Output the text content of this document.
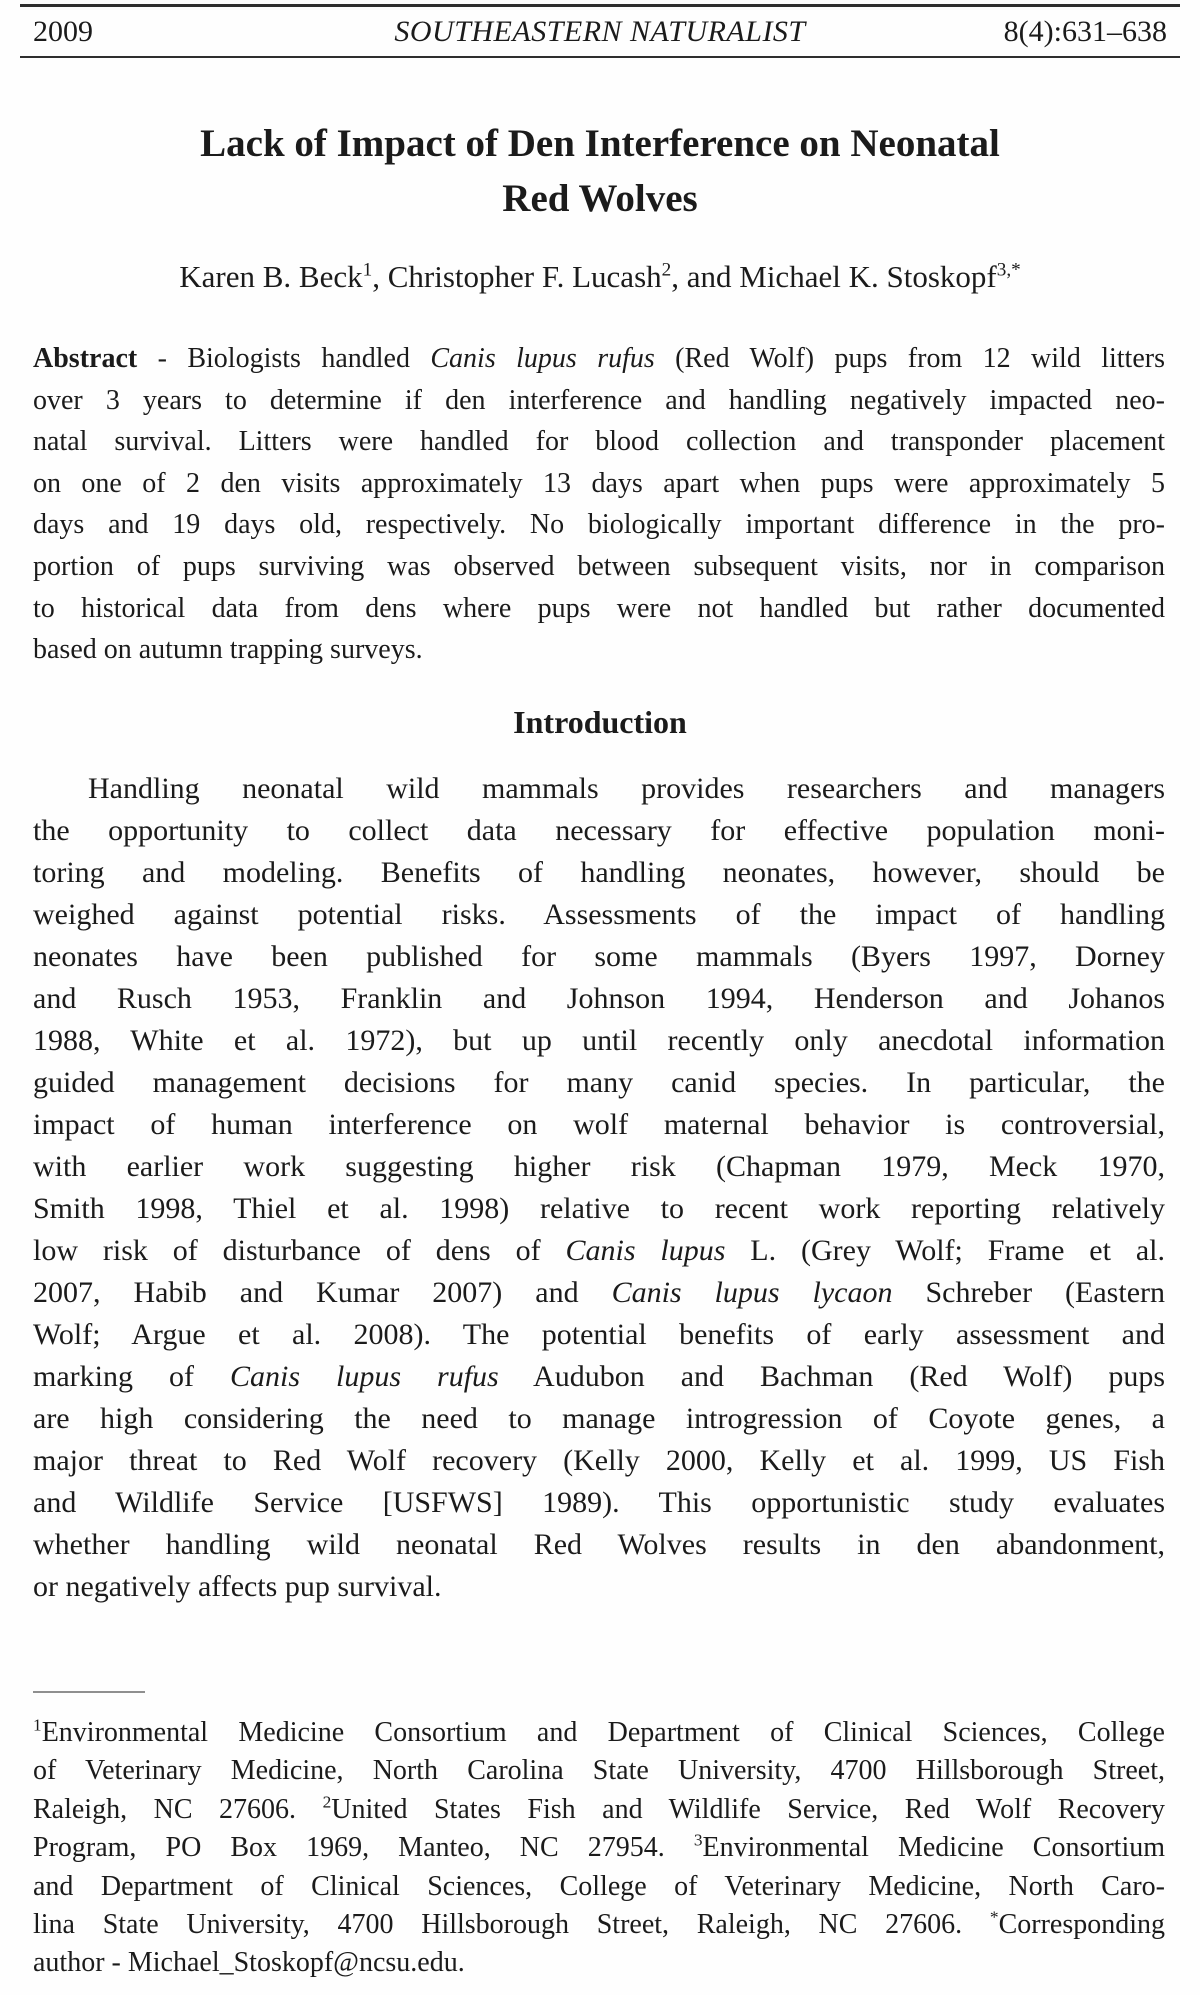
2009	SOUTHEASTERN NATURALIST	8(4):631–638
Lack of Impact of Den Interference on Neonatal
Red Wolves
Karen B. Beck$^1$, Christopher F. Lucash$^2$, and Michael K. Stoskopf$^{3,*}$
Abstract - Biologists handled Canis lupus rufus (Red Wolf) pups from 12 wild litters
over 3 years to determine if den interference and handling negatively impacted neo-
natal survival. Litters were handled for blood collection and transponder placement
on one of 2 den visits approximately 13 days apart when pups were approximately 5
days and 19 days old, respectively. No biologically important difference in the pro-
portion of pups surviving was observed between subsequent visits, nor in comparison
to historical data from dens where pups were not handled but rather documented
based on autumn trapping surveys.
Introduction
Handling neonatal wild mammals provides researchers and managers
the opportunity to collect data necessary for effective population moni-
toring and modeling. Benefits of handling neonates, however, should be
weighed against potential risks. Assessments of the impact of handling
neonates have been published for some mammals (Byers 1997, Dorney
and Rusch 1953, Franklin and Johnson 1994, Henderson and Johanos
1988, White et al. 1972), but up until recently only anecdotal information
guided management decisions for many canid species. In particular, the
impact of human interference on wolf maternal behavior is controversial,
with earlier work suggesting higher risk (Chapman 1979, Meck 1970,
Smith 1998, Thiel et al. 1998) relative to recent work reporting relatively
low risk of disturbance of dens of Canis lupus L. (Grey Wolf; Frame et al.
2007, Habib and Kumar 2007) and Canis lupus lycaon Schreber (Eastern
Wolf; Argue et al. 2008). The potential benefits of early assessment and
marking of Canis lupus rufus Audubon and Bachman (Red Wolf) pups
are high considering the need to manage introgression of Coyote genes, a
major threat to Red Wolf recovery (Kelly 2000, Kelly et al. 1999, US Fish
and Wildlife Service [USFWS] 1989). This opportunistic study evaluates
whether handling wild neonatal Red Wolves results in den abandonment,
or negatively affects pup survival.
$^1$Environmental Medicine Consortium and Department of Clinical Sciences, College
of Veterinary Medicine, North Carolina State University, 4700 Hillsborough Street,
Raleigh, NC 27606. $^2$United States Fish and Wildlife Service, Red Wolf Recovery
Program, PO Box 1969, Manteo, NC 27954. $^3$Environmental Medicine Consortium
and Department of Clinical Sciences, College of Veterinary Medicine, North Caro-
lina State University, 4700 Hillsborough Street, Raleigh, NC 27606. *Corresponding
author - Michael_Stoskopf@ncsu.edu.
